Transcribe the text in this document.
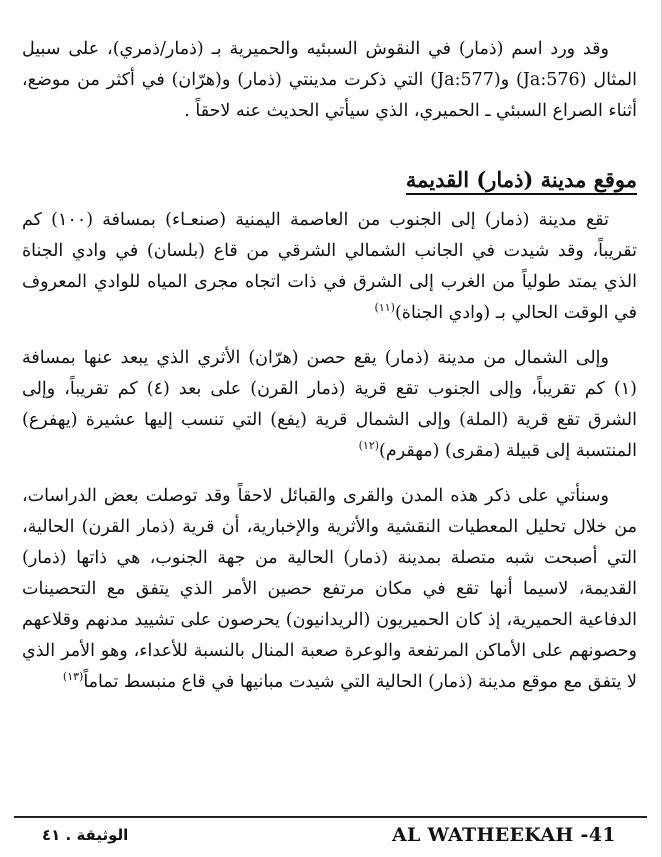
وقد ورد اسم (ذمار) في النقوش السبئيه والحميرية بـ (ذمار/ذمري)، على سبيل المثال (Ja:576) و(Ja:577) التي ذكرت مدينتي (ذمار) و(هرّان) في أكثر من موضع، أثناء الصراع السبئي ـ الحميري، الذي سيأتي الحديث عنه لاحقاً .

موقع مدينة (ذمار) القديمة

تقع مدينة (ذمار) إلى الجنوب من العاصمة اليمنية (صنعـاء) بمسافة (١٠٠) كم تقريباً، وقد شيدت في الجانب الشمالي الشرقي من قاع (بلسان) في وادي الجناة الذي يمتد طولياً من الغرب إلى الشرق في ذات اتجاه مجرى المياه للوادي المعروف في الوقت الحالي بـ (وادي الجناة)$^{(١١)}$

وإلى الشمال من مدينة (ذمار) يقع حصن (هرّان) الأثري الذي يبعد عنها بمسافة (١) كم تقريباً، وإلى الجنوب تقع قرية (ذمار القرن) على بعد (٤) كم تقريباً، وإلى الشرق تقع قرية (الملة) وإلى الشمال قرية (يفع) التي تنسب إليها عشيرة (يهفرع) المنتسبة إلى قبيلة (مقرى) (مهقرم)$^{(١٢)}$

وسنأتي على ذكر هذه المدن والقرى والقبائل لاحقاً وقد توصلت بعض الدراسات، من خلال تحليل المعطيات النقشية والأثرية والإخبارية، أن قرية (ذمار القرن) الحالية، التي أصبحت شبه متصلة بمدينة (ذمار) الحالية من جهة الجنوب، هي ذاتها (ذمار) القديمة، لاسيما أنها تقع في مكان مرتفع حصين الأمر الذي يتفق مع التحصينات الدفاعية الحميرية، إذ كان الحميريون (الريدانيون) يحرصون على تشييد مدنهم وقلاعهم وحصونهم على الأماكن المرتفعة والوعرة صعبة المنال بالنسبة للأعداء، وهو الأمر الذي لا يتفق مع موقع مدينة (ذمار) الحالية التي شيدت مبانيها في قاع منبسط تماماً$^{(١٣)}$

الوثيقة . ٤١	AL WATHEEKAH -41
